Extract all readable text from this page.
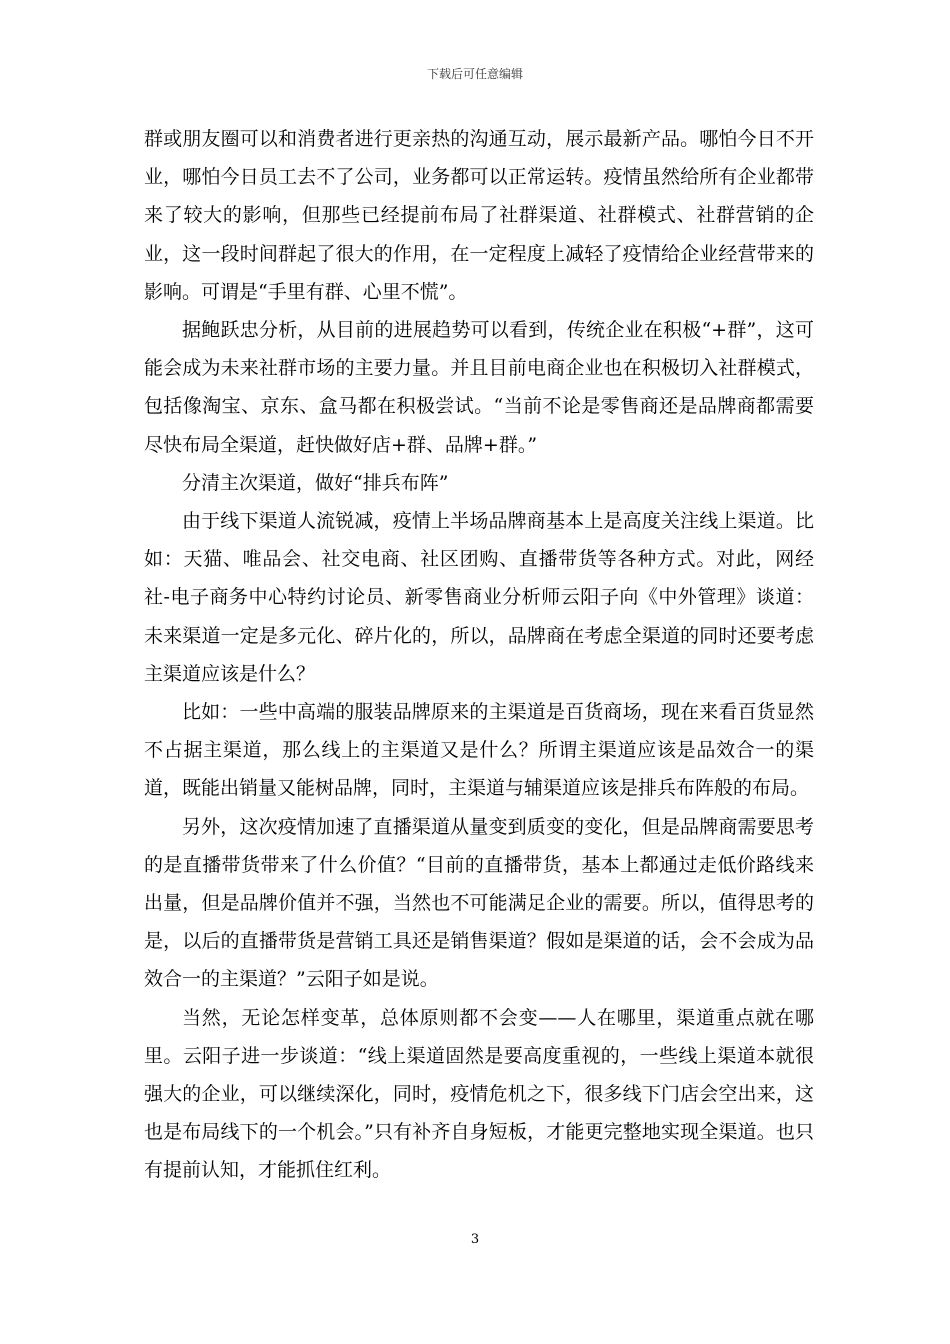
下载后可任意编辑

群或朋友圈可以和消费者进行更亲热的沟通互动，展示最新产品。哪怕今日不开业，哪怕今日员工去不了公司，业务都可以正常运转。疫情虽然给所有企业都带来了较大的影响，但那些已经提前布局了社群渠道、社群模式、社群营销的企业，这一段时间群起了很大的作用，在一定程度上减轻了疫情给企业经营带来的影响。可谓是“手里有群、心里不慌”。

据鲍跃忠分析，从目前的进展趋势可以看到，传统企业在积极“+群”，这可能会成为未来社群市场的主要力量。并且目前电商企业也在积极切入社群模式，包括像淘宝、京东、盒马都在积极尝试。“当前不论是零售商还是品牌商都需要尽快布局全渠道，赶快做好店+群、品牌+群。”

分清主次渠道，做好“排兵布阵”

由于线下渠道人流锐减，疫情上半场品牌商基本上是高度关注线上渠道。比如：天猫、唯品会、社交电商、社区团购、直播带货等各种方式。对此，网经社-电子商务中心特约讨论员、新零售商业分析师云阳子向《中外管理》谈道：未来渠道一定是多元化、碎片化的，所以，品牌商在考虑全渠道的同时还要考虑主渠道应该是什么？

比如：一些中高端的服装品牌原来的主渠道是百货商场，现在来看百货显然不占据主渠道，那么线上的主渠道又是什么？所谓主渠道应该是品效合一的渠道，既能出销量又能树品牌，同时，主渠道与辅渠道应该是排兵布阵般的布局。

另外，这次疫情加速了直播渠道从量变到质变的变化，但是品牌商需要思考的是直播带货带来了什么价值？“目前的直播带货，基本上都通过走低价路线来出量，但是品牌价值并不强，当然也不可能满足企业的需要。所以，值得思考的是，以后的直播带货是营销工具还是销售渠道？假如是渠道的话，会不会成为品效合一的主渠道？”云阳子如是说。

当然，无论怎样变革，总体原则都不会变——人在哪里，渠道重点就在哪里。云阳子进一步谈道：“线上渠道固然是要高度重视的，一些线上渠道本就很强大的企业，可以继续深化，同时，疫情危机之下，很多线下门店会空出来，这也是布局线下的一个机会。”只有补齐自身短板，才能更完整地实现全渠道。也只有提前认知，才能抓住红利。

3
